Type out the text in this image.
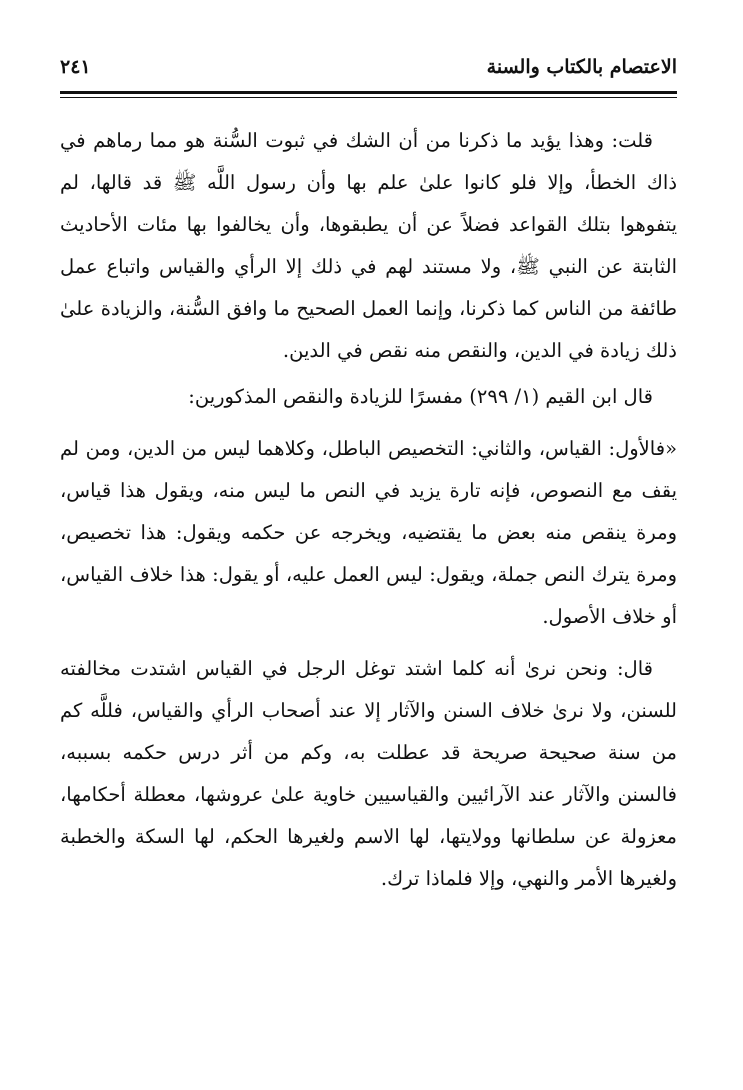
الاعتصام بالكتاب والسنة
٢٤١

قلت: وهذا يؤيد ما ذكرنا من أن الشك في ثبوت السُّنة هو مما رماهم في ذاك الخطأ، وإلا فلو كانوا علىٰ علم بها وأن رسول اللَّه ﷺ قد قالها، لم يتفوهوا بتلك القواعد فضلاً عن أن يطبقوها، وأن يخالفوا بها مئات الأحاديث الثابتة عن النبي ﷺ، ولا مستند لهم في ذلك إلا الرأي والقياس واتباع عمل طائفة من الناس كما ذكرنا، وإنما العمل الصحيح ما وافق السُّنة، والزيادة علىٰ ذلك زيادة في الدين، والنقص منه نقص في الدين.

قال ابن القيم (١/ ٢٩٩) مفسرًا للزيادة والنقص المذكورين:

«فالأول: القياس، والثاني: التخصيص الباطل، وكلاهما ليس من الدين، ومن لم يقف مع النصوص، فإنه تارة يزيد في النص ما ليس منه، ويقول هذا قياس، ومرة ينقص منه بعض ما يقتضيه، ويخرجه عن حكمه ويقول: هذا تخصيص، ومرة يترك النص جملة، ويقول: ليس العمل عليه، أو يقول: هذا خلاف القياس، أو خلاف الأصول.

قال: ونحن نرىٰ أنه كلما اشتد توغل الرجل في القياس اشتدت مخالفته للسنن، ولا نرىٰ خلاف السنن والآثار إلا عند أصحاب الرأي والقياس، فللَّه كم من سنة صحيحة صريحة قد عطلت به، وكم من أثر درس حكمه بسببه، فالسنن والآثار عند الآرائيين والقياسيين خاوية علىٰ عروشها، معطلة أحكامها، معزولة عن سلطانها وولايتها، لها الاسم ولغيرها الحكم، لها السكة والخطبة ولغيرها الأمر والنهي، وإلا فلماذا ترك.
